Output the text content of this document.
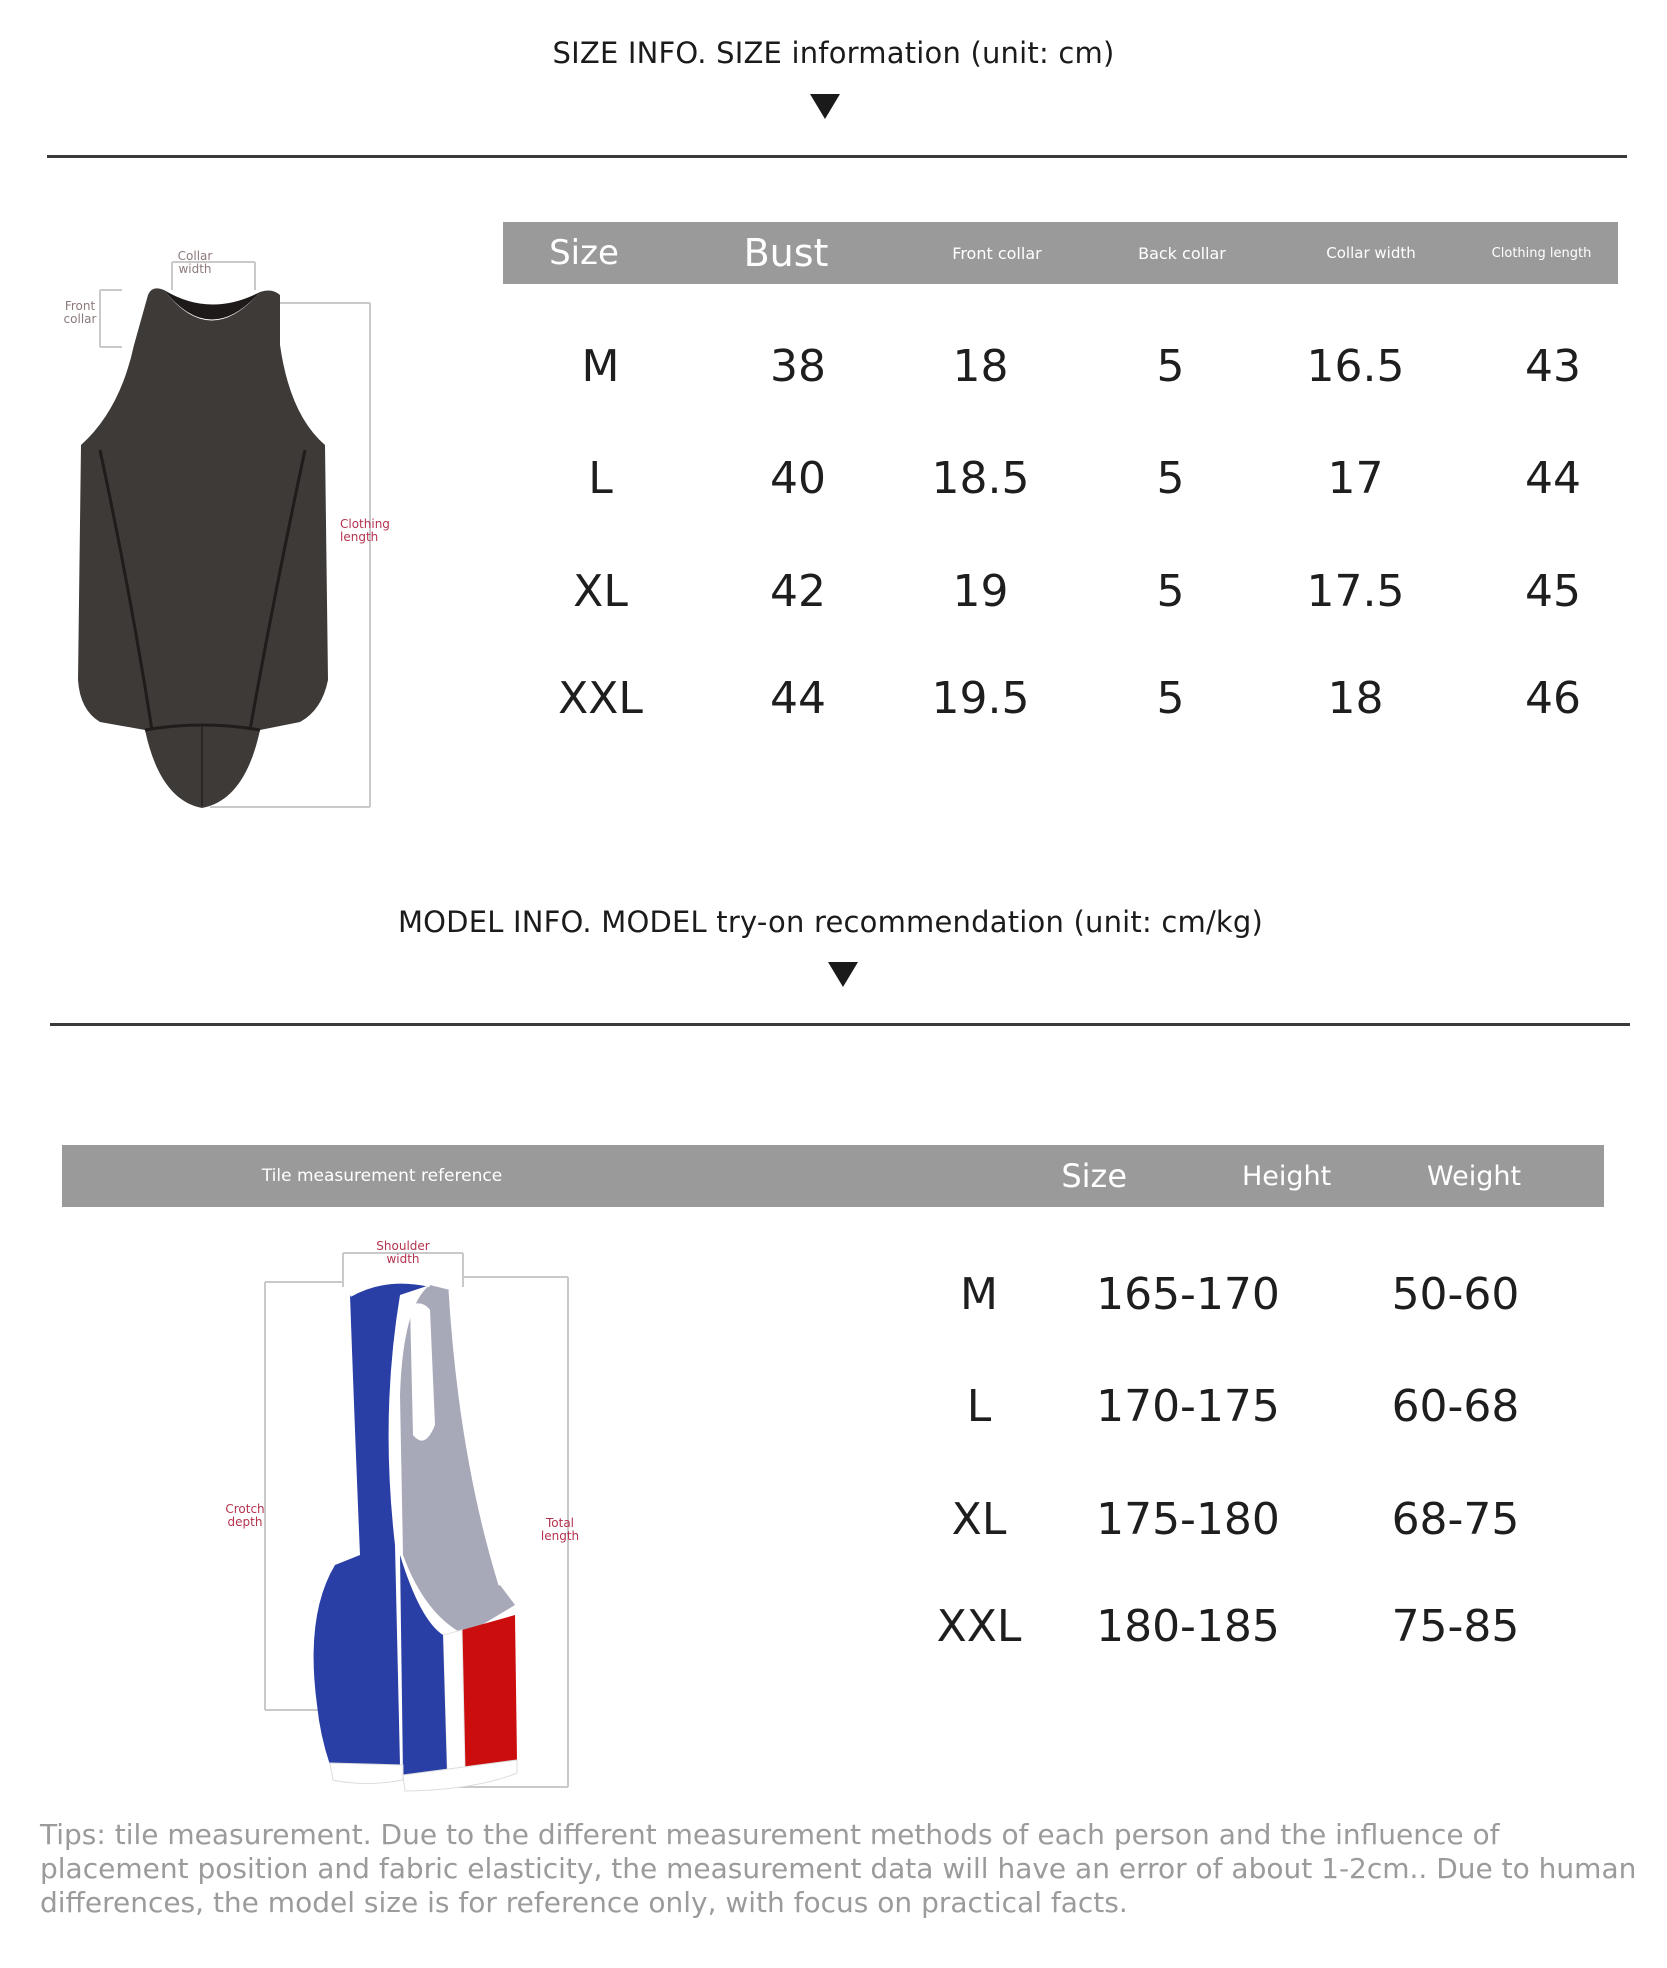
SIZE INFO. SIZE information (unit: cm)
Collar width
Front collar
Clothing length
Size	Bust	Front collar	Back collar	Collar width	Clothing length
M	38	18	5	16.5	43
L	40	18.5	5	17	44
XL	42	19	5	17.5	45
XXL	44	19.5	5	18	46
MODEL INFO. MODEL try-on recommendation (unit: cm/kg)
Tile measurement reference	Size	Height	Weight
Shoulder width
Crotch depth	Total length
M	165-170	50-60
L	170-175	60-68
XL	175-180	68-75
XXL	180-185	75-85
Tips: tile measurement. Due to the different measurement methods of each person and the influence of placement position and fabric elasticity, the measurement data will have an error of about 1-2cm.. Due to human differences, the model size is for reference only, with focus on practical facts.
